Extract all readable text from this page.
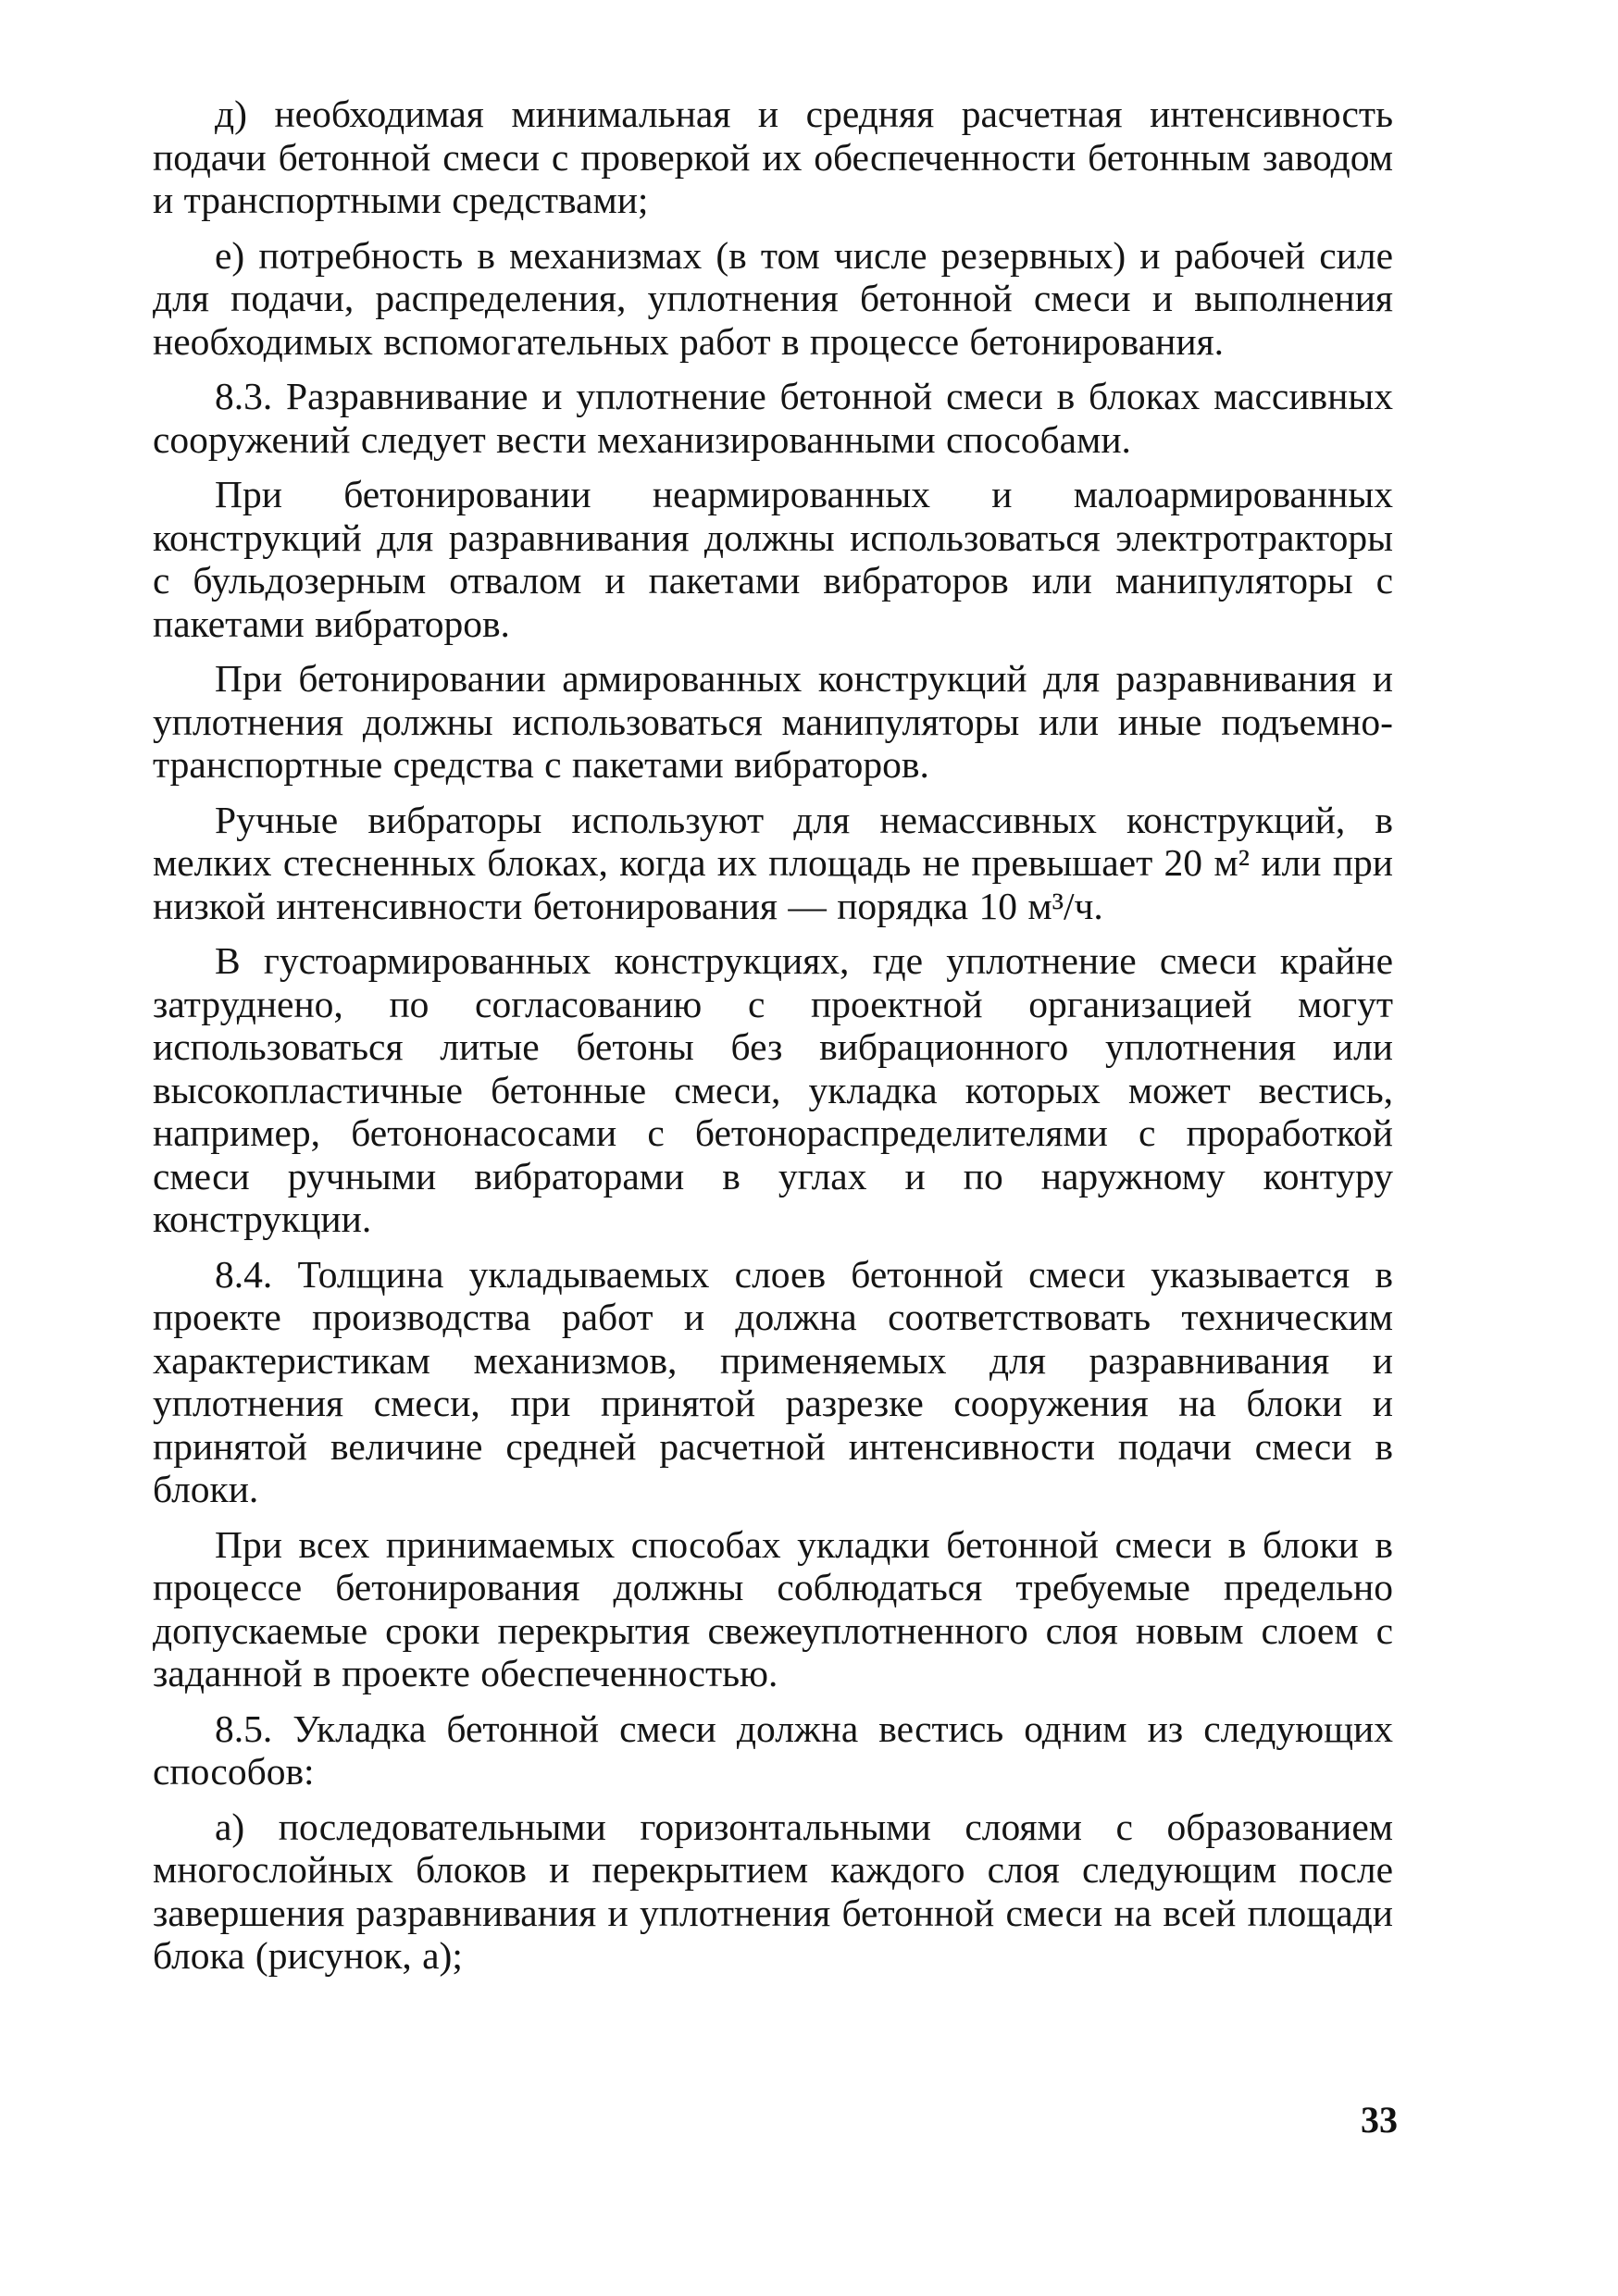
д) необходимая минимальная и средняя расчетная интенсивность подачи бетонной смеси с проверкой их обеспеченности бетонным заводом и транспортными средствами;

е) потребность в механизмах (в том числе резервных) и рабочей силе для подачи, распределения, уплотнения бетонной смеси и выполнения необходимых вспомогательных работ в процессе бетонирования.

8.3. Разравнивание и уплотнение бетонной смеси в блоках массивных сооружений следует вести механизированными способами.

При бетонировании неармированных и малоармированных конструкций для разравнивания должны использоваться электротракторы с бульдозерным отвалом и пакетами вибраторов или манипуляторы с пакетами вибраторов.

При бетонировании армированных конструкций для разравнивания и уплотнения должны использоваться манипуляторы или иные подъемно-транспортные средства с пакетами вибраторов.

Ручные вибраторы используют для немассивных конструкций, в мелких стесненных блоках, когда их площадь не превышает 20 м² или при низкой интенсивности бетонирования — порядка 10 м³/ч.

В густоармированных конструкциях, где уплотнение смеси крайне затруднено, по согласованию с проектной организацией могут использоваться литые бетоны без вибрационного уплотнения или высокопластичные бетонные смеси, укладка которых может вестись, например, бетононасосами с бетонораспределителями с проработкой смеси ручными вибраторами в углах и по наружному контуру конструкции.

8.4. Толщина укладываемых слоев бетонной смеси указывается в проекте производства работ и должна соответствовать техническим характеристикам механизмов, применяемых для разравнивания и уплотнения смеси, при принятой разрезке сооружения на блоки и принятой величине средней расчетной интенсивности подачи смеси в блоки.

При всех принимаемых способах укладки бетонной смеси в блоки в процессе бетонирования должны соблюдаться требуемые предельно допускаемые сроки перекрытия свежеуплотненного слоя новым слоем с заданной в проекте обеспеченностью.

8.5. Укладка бетонной смеси должна вестись одним из следующих способов:

а) последовательными горизонтальными слоями с образованием многослойных блоков и перекрытием каждого слоя следующим после завершения разравнивания и уплотнения бетонной смеси на всей площади блока (рисунок, а);

33
